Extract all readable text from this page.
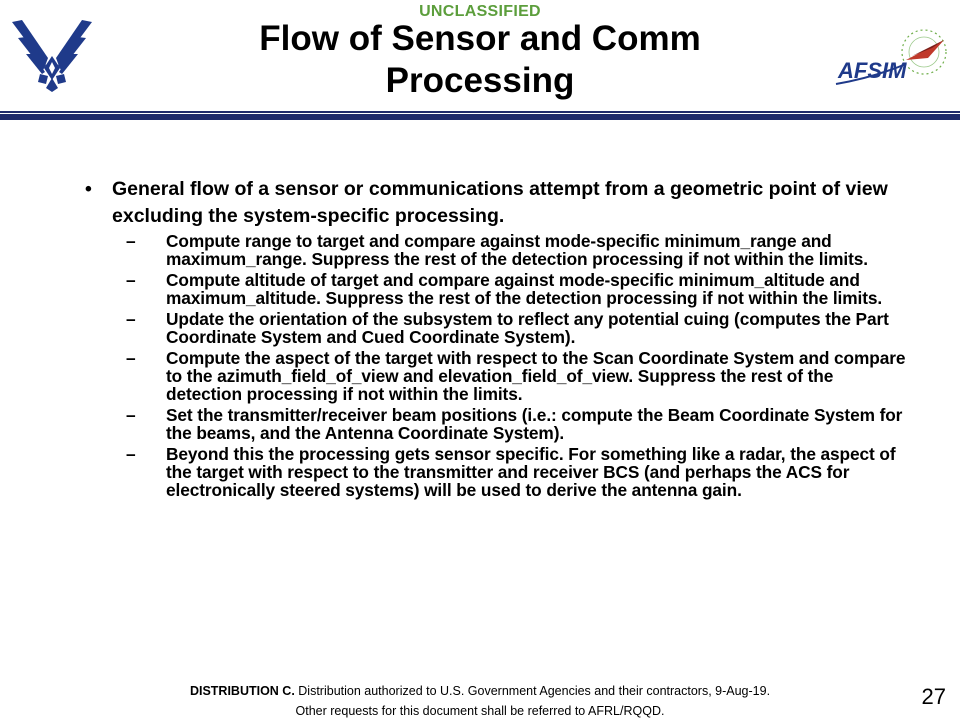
UNCLASSIFIED
Flow of Sensor and Comm
Processing	AFSIM
• General flow of a sensor or communications attempt from a geometric point of view excluding the system-specific processing.
– Compute range to target and compare against mode-specific minimum_range and maximum_range. Suppress the rest of the detection processing if not within the limits.
– Compute altitude of target and compare against mode-specific minimum_altitude and maximum_altitude. Suppress the rest of the detection processing if not within the limits.
– Update the orientation of the subsystem to reflect any potential cuing (computes the Part Coordinate System and Cued Coordinate System).
– Compute the aspect of the target with respect to the Scan Coordinate System and compare to the azimuth_field_of_view and elevation_field_of_view. Suppress the rest of the detection processing if not within the limits.
– Set the transmitter/receiver beam positions (i.e.: compute the Beam Coordinate System for the beams, and the Antenna Coordinate System).
– Beyond this the processing gets sensor specific. For something like a radar, the aspect of the target with respect to the transmitter and receiver BCS (and perhaps the ACS for electronically steered systems) will be used to derive the antenna gain.
DISTRIBUTION C. Distribution authorized to U.S. Government Agencies and their contractors, 9-Aug-19.
Other requests for this document shall be referred to AFRL/RQQD.
27
